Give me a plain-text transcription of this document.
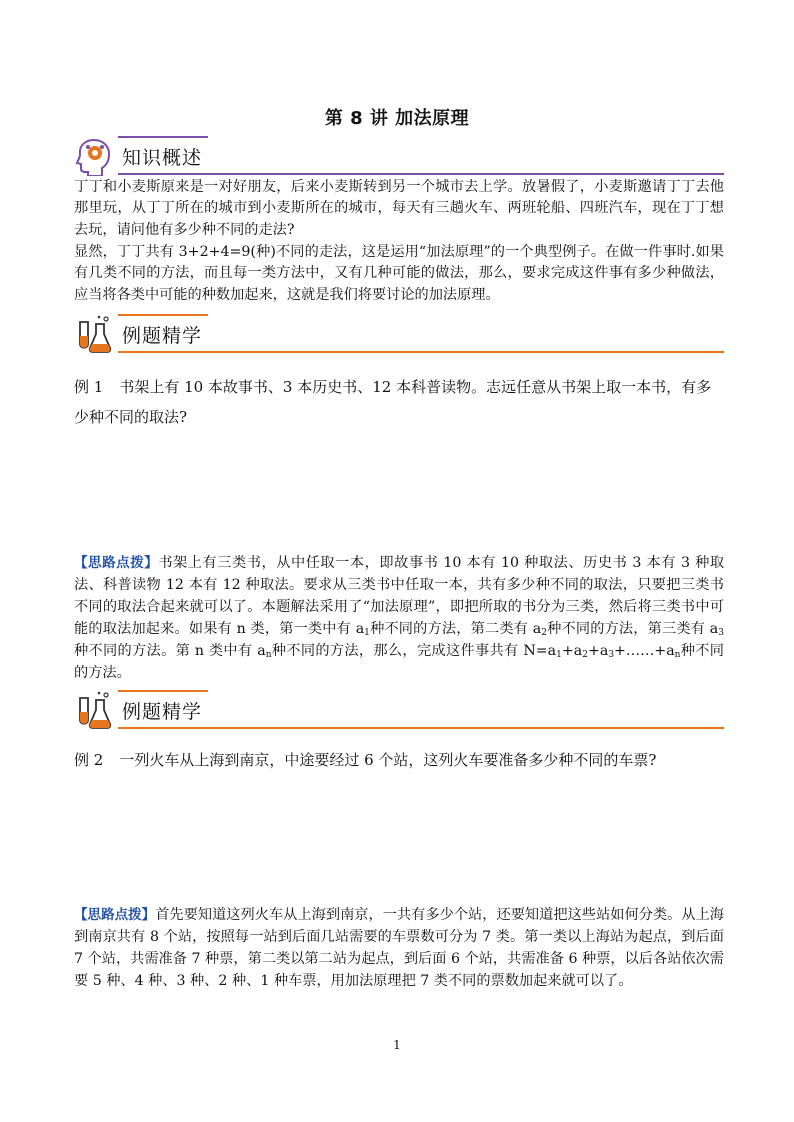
第 8 讲 加法原理
知识概述
丁丁和小麦斯原来是一对好朋友，后来小麦斯转到另一个城市去上学。放暑假了，小麦斯邀请丁丁去他那里玩，从丁丁所在的城市到小麦斯所在的城市，每天有三趟火车、两班轮船、四班汽车，现在丁丁想去玩，请问他有多少种不同的走法?
显然，丁丁共有 3+2+4=9(种)不同的走法，这是运用“加法原理”的一个典型例子。在做一件事时.如果有几类不同的方法，而且每一类方法中，又有几种可能的做法，那么，要求完成这件事有多少种做法，应当将各类中可能的种数加起来，这就是我们将要讨论的加法原理。
例题精学
例 1 书架上有 10 本故事书、3 本历史书、12 本科普读物。志远任意从书架上取一本书，有多少种不同的取法?
【思路点拨】书架上有三类书，从中任取一本，即故事书 10 本有 10 种取法、历史书 3 本有 3 种取法、科普读物 12 本有 12 种取法。要求从三类书中任取一本，共有多少种不同的取法，只要把三类书不同的取法合起来就可以了。本题解法采用了“加法原理”，即把所取的书分为三类，然后将三类书中可能的取法加起来。如果有 n 类，第一类中有 $a_1$种不同的方法，第二类有 $a_2$种不同的方法，第三类有 $a_3$种不同的方法。第 n 类中有 $a_n$种不同的方法，那么，完成这件事共有 $N=a_1+a_2+a_3+\dots\dots+a_n$种不同的方法。
例题精学
例 2 一列火车从上海到南京，中途要经过 6 个站，这列火车要准备多少种不同的车票?
【思路点拨】首先要知道这列火车从上海到南京，一共有多少个站，还要知道把这些站如何分类。从上海到南京共有 8 个站，按照每一站到后面几站需要的车票数可分为 7 类。第一类以上海站为起点，到后面 7 个站，共需准备 7 种票，第二类以第二站为起点，到后面 6 个站，共需准备 6 种票，以后各站依次需要 5 种、4 种、3 种、2 种、1 种车票，用加法原理把 7 类不同的票数加起来就可以了。
1
